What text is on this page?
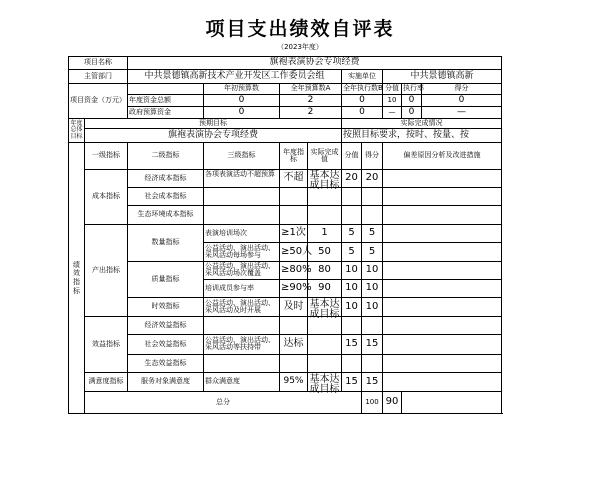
项目支出绩效自评表
（2023年度）
项目名称		旗袍表演协会专项经费								
主管部门		中共景德镇高新技术产业开发区工作委员会组				实施单位		中共景德镇高新		
项目资金（万元）			年初预算数	全年预算数A		全年执行数B		分值	执行率	得分
		年度资金总额	0	2		0		10	0	0
		政府预算资金	0	2		0		—	0	—
年度总体目标	预期目标					实际完成情况				
	旗袍表演协会专项经费					按照目标要求，按时、按量、按				

绩效指标	一级指标	二级指标	三级指标	年度指标	实际完成值	分值	得分	偏差原因分析及改进措施		
	成本指标	经济成本指标	各项表演活动不超预算	不超	基本达成目标	20	20			
		社会成本指标								
		生态环境成本指标								
	产出指标	数量指标	表演培训场次	≥1次	1	5	5			

			公益活动、演出活动、采风活动每场参与	≥50人	50	5	5			
		质量指标	公益活动、演出活动、采风活动场次覆盖	≥80%	80	10	10			
			培训成员参与率	≥90%	90	10	10			
		时效指标	公益活动、演出活动、采风活动及时开展	及时	基本达成目标	10	10			
	效益指标	经济效益指标								
		社会效益指标	公益活动、演出活动、采风活动等扶持带	达标		15	15			
		生态效益指标								
	满意度指标	服务对象满意度	群众满意度	95%	基本达成目标	15	15			
	总分						100	90		
